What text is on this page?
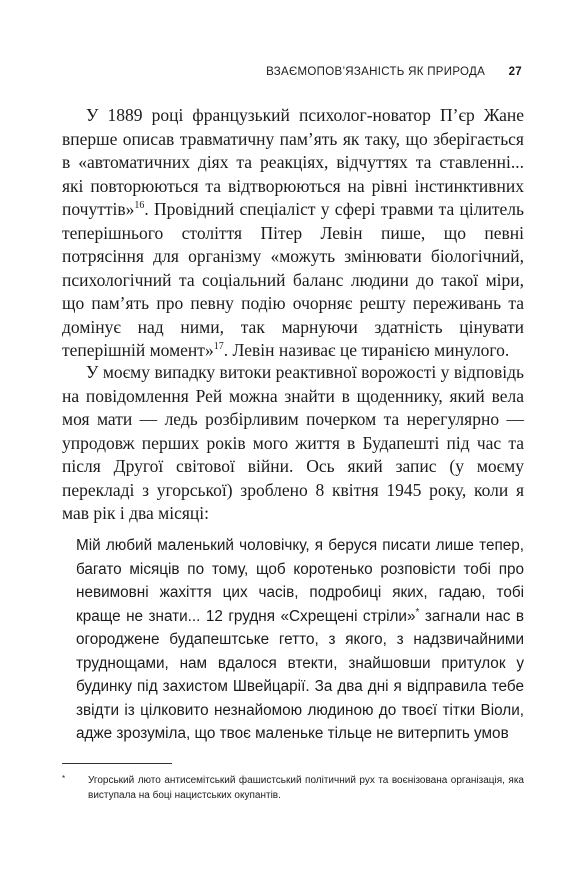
ВЗАЄМОПОВ’ЯЗАНІСТЬ ЯК ПРИРОДА 27

У 1889 році французький психолог-новатор П’єр Жане вперше описав травматичну пам’ять як таку, що зберігається в «автоматичних діях та реакціях, відчуттях та ставленні... які повторюються та відтворюються на рівні інстинктивних почуттів»$^{16}$. Провідний спеціаліст у сфері травми та цілитель теперішнього століття Пітер Левін пише, що певні потрясіння для організму «можуть змінювати біологічний, психологічний та соціальний баланс людини до такої міри, що пам’ять про певну подію очорняє решту переживань та домінує над ними, так марнуючи здатність цінувати теперішній момент»$^{17}$. Левін називає це тиранією минулого.

У моєму випадку витоки реактивної ворожості у відповідь на повідомлення Рей можна знайти в щоденнику, який вела моя мати — ледь розбірливим почерком та нерегулярно — упродовж перших років мого життя в Будапешті під час та після Другої світової війни. Ось який запис (у моєму перекладі з угорської) зроблено 8 квітня 1945 року, коли я мав рік і два місяці:

Мій любий маленький чоловічку, я беруся писати лише тепер, багато місяців по тому, щоб коротенько розповісти тобі про невимовні жахіття цих часів, подробиці яких, гадаю, тобі краще не знати... 12 грудня «Схрещені стріли»* загнали нас в огороджене будапештське гетто, з якого, з надзвичайними труднощами, нам вдалося втекти, знайшовши притулок у будинку під захистом Швейцарії. За два дні я відправила тебе звідти із цілковито незнайомою людиною до твоєї тітки Віоли, адже зрозуміла, що твоє маленьке тільце не витерпить умов

*	Угорський люто антисемітський фашистський політичний рух та воєнізована організація, яка виступала на боці нацистських окупантів.
